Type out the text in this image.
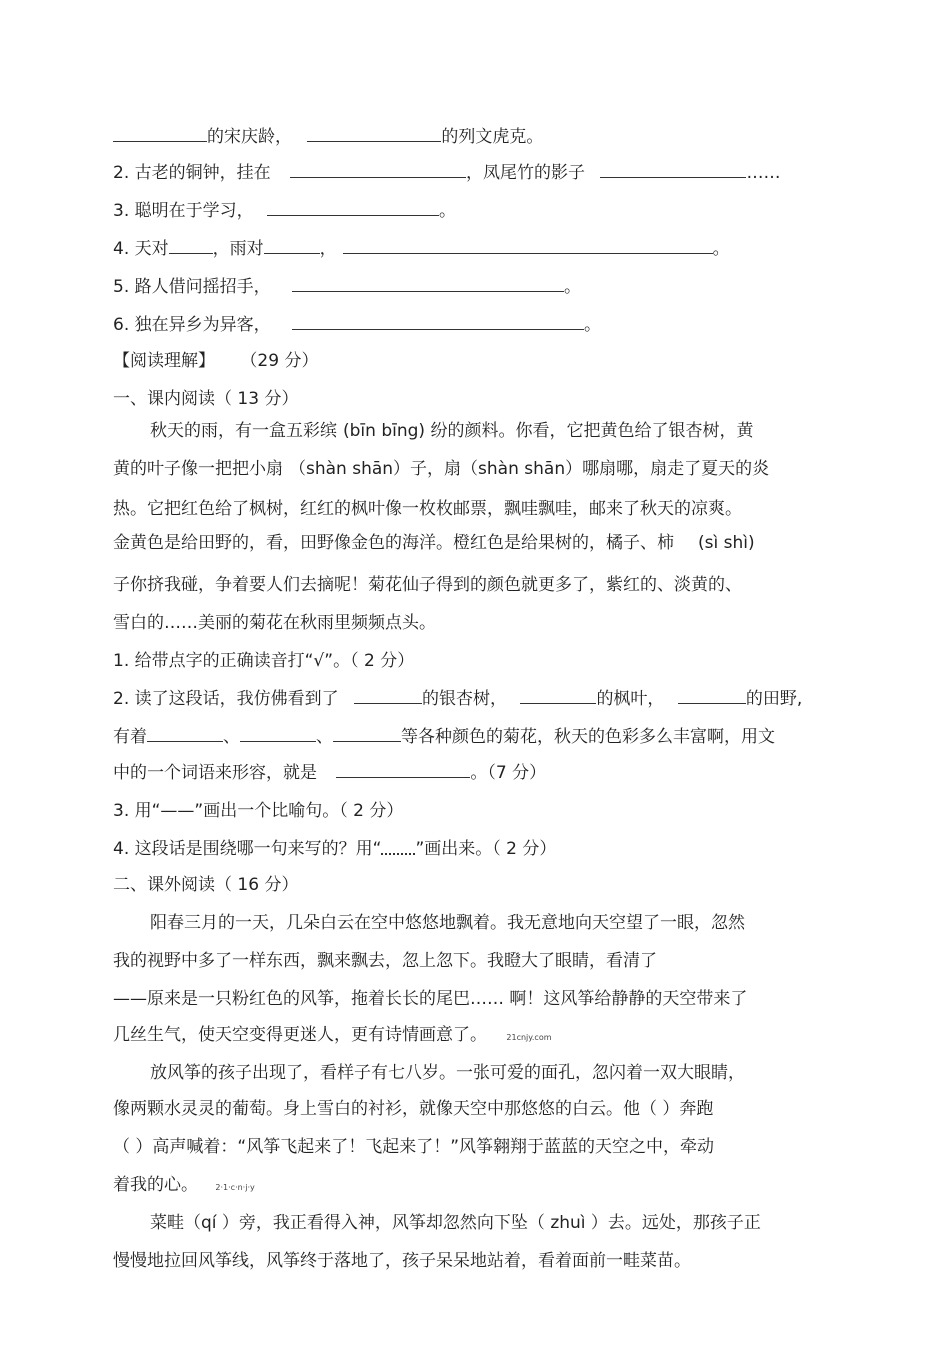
的宋庆龄，	的列文虎克。
2. 古老的铜钟，挂在	，凤尾竹的影子	……
3. 聪明在于学习，	。
4. 天对	，雨对	，	。
5. 路人借问摇招手，	。
6. 独在异乡为异客，	。
【阅读理解】 （29 分）
一、课内阅读（ 13 分）
秋天的雨，有一盒五彩缤 (bīn bīng) 纷的颜料。你看，它把黄色给了银杏树，黄
黄的叶子像一把把小扇 （shàn shān）子，扇（shàn shān）哪扇哪，扇走了夏天的炎
热。它把红色给了枫树，红红的枫叶像一枚枚邮票，飘哇飘哇，邮来了秋天的凉爽。
金黄色是给田野的，看，田野像金色的海洋。橙红色是给果树的，橘子、柿 (sì shì)
子你挤我碰，争着要人们去摘呢！菊花仙子得到的颜色就更多了，紫红的、淡黄的、
雪白的……美丽的菊花在秋雨里频频点头。
1. 给带点字的正确读音打“√”。（ 2 分）
2. 读了这段话，我仿佛看到了	的银杏树，	的枫叶，	的田野,
有着	、	、	等各种颜色的菊花，秋天的色彩多么丰富啊，用文
中的一个词语来形容，就是	。（7 分）
3. 用“——”画出一个比喻句。（ 2 分）
4. 这段话是围绕哪一句来写的？用“ ”画出来。（ 2 分）
二、课外阅读（ 16 分）
阳春三月的一天，几朵白云在空中悠悠地飘着。我无意地向天空望了一眼，忽然
我的视野中多了一样东西，飘来飘去，忽上忽下。我瞪大了眼睛，看清了
——原来是一只粉红色的风筝，拖着长长的尾巴…… 啊！这风筝给静静的天空带来了
几丝生气，使天空变得更迷人，更有诗情画意了。 21cnjy.com
放风筝的孩子出现了，看样子有七八岁。一张可爱的面孔，忽闪着一双大眼睛，
像两颗水灵灵的葡萄。身上雪白的衬衫，就像天空中那悠悠的白云。他（ ）奔跑
（ ）高声喊着：“风筝飞起来了！飞起来了！”风筝翱翔于蓝蓝的天空之中，牵动
着我的心。 2·1·c·n·j·y
菜畦（qí ）旁，我正看得入神，风筝却忽然向下坠（ zhuì ）去。远处，那孩子正
慢慢地拉回风筝线，风筝终于落地了，孩子呆呆地站着，看着面前一畦菜苗。
